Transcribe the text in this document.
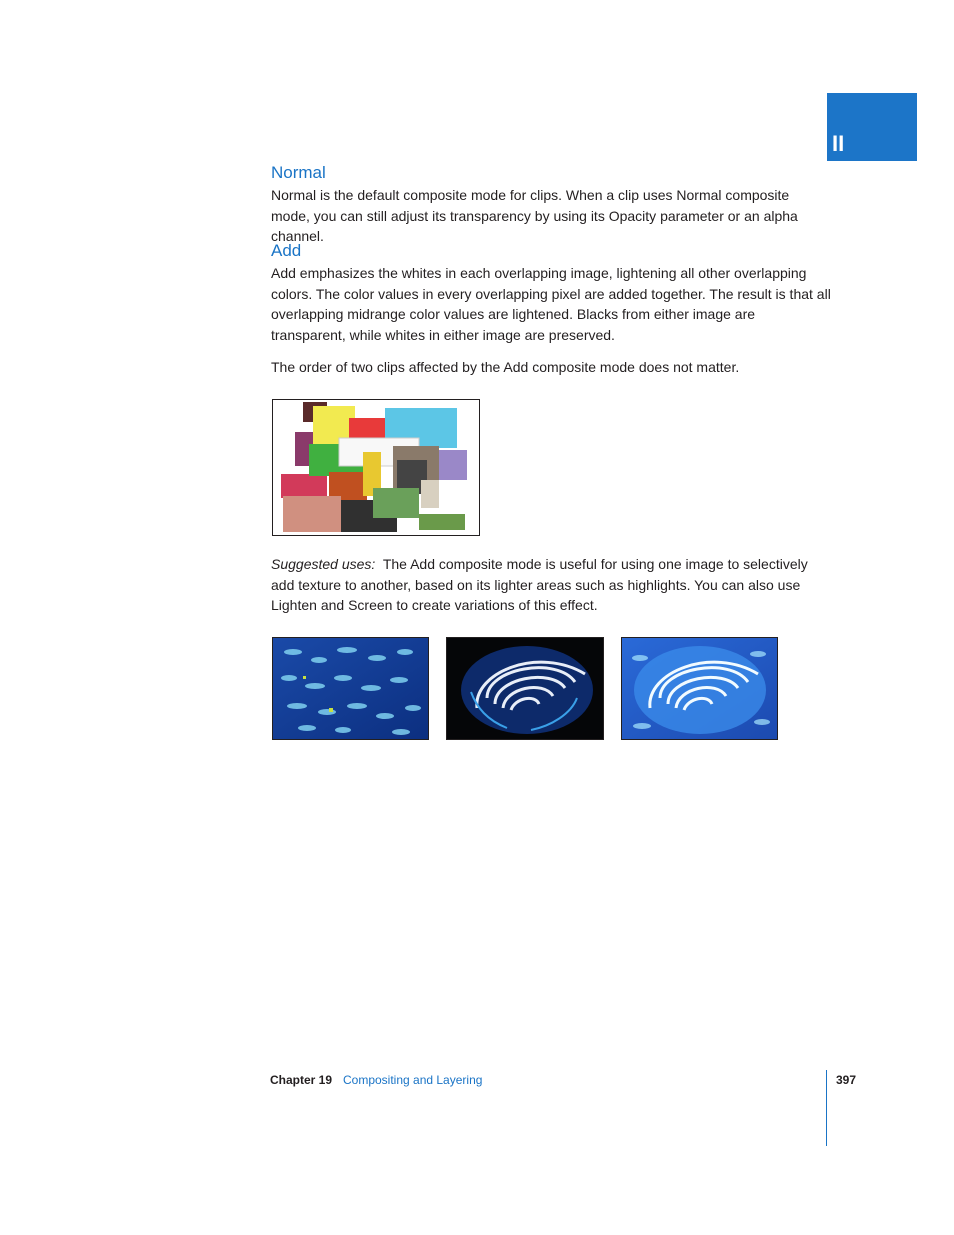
II
Normal

Normal is the default composite mode for clips. When a clip uses Normal composite mode, you can still adjust its transparency by using its Opacity parameter or an alpha channel.

Add

Add emphasizes the whites in each overlapping image, lightening all other overlapping colors. The color values in every overlapping pixel are added together. The result is that all overlapping midrange color values are lightened. Blacks from either image are transparent, while whites in either image are preserved.

The order of two clips affected by the Add composite mode does not matter.

Suggested uses: The Add composite mode is useful for using one image to selectively add texture to another, based on its lighter areas such as highlights. You can also use Lighten and Screen to create variations of this effect.

Chapter 19 Compositing and Layering	397
